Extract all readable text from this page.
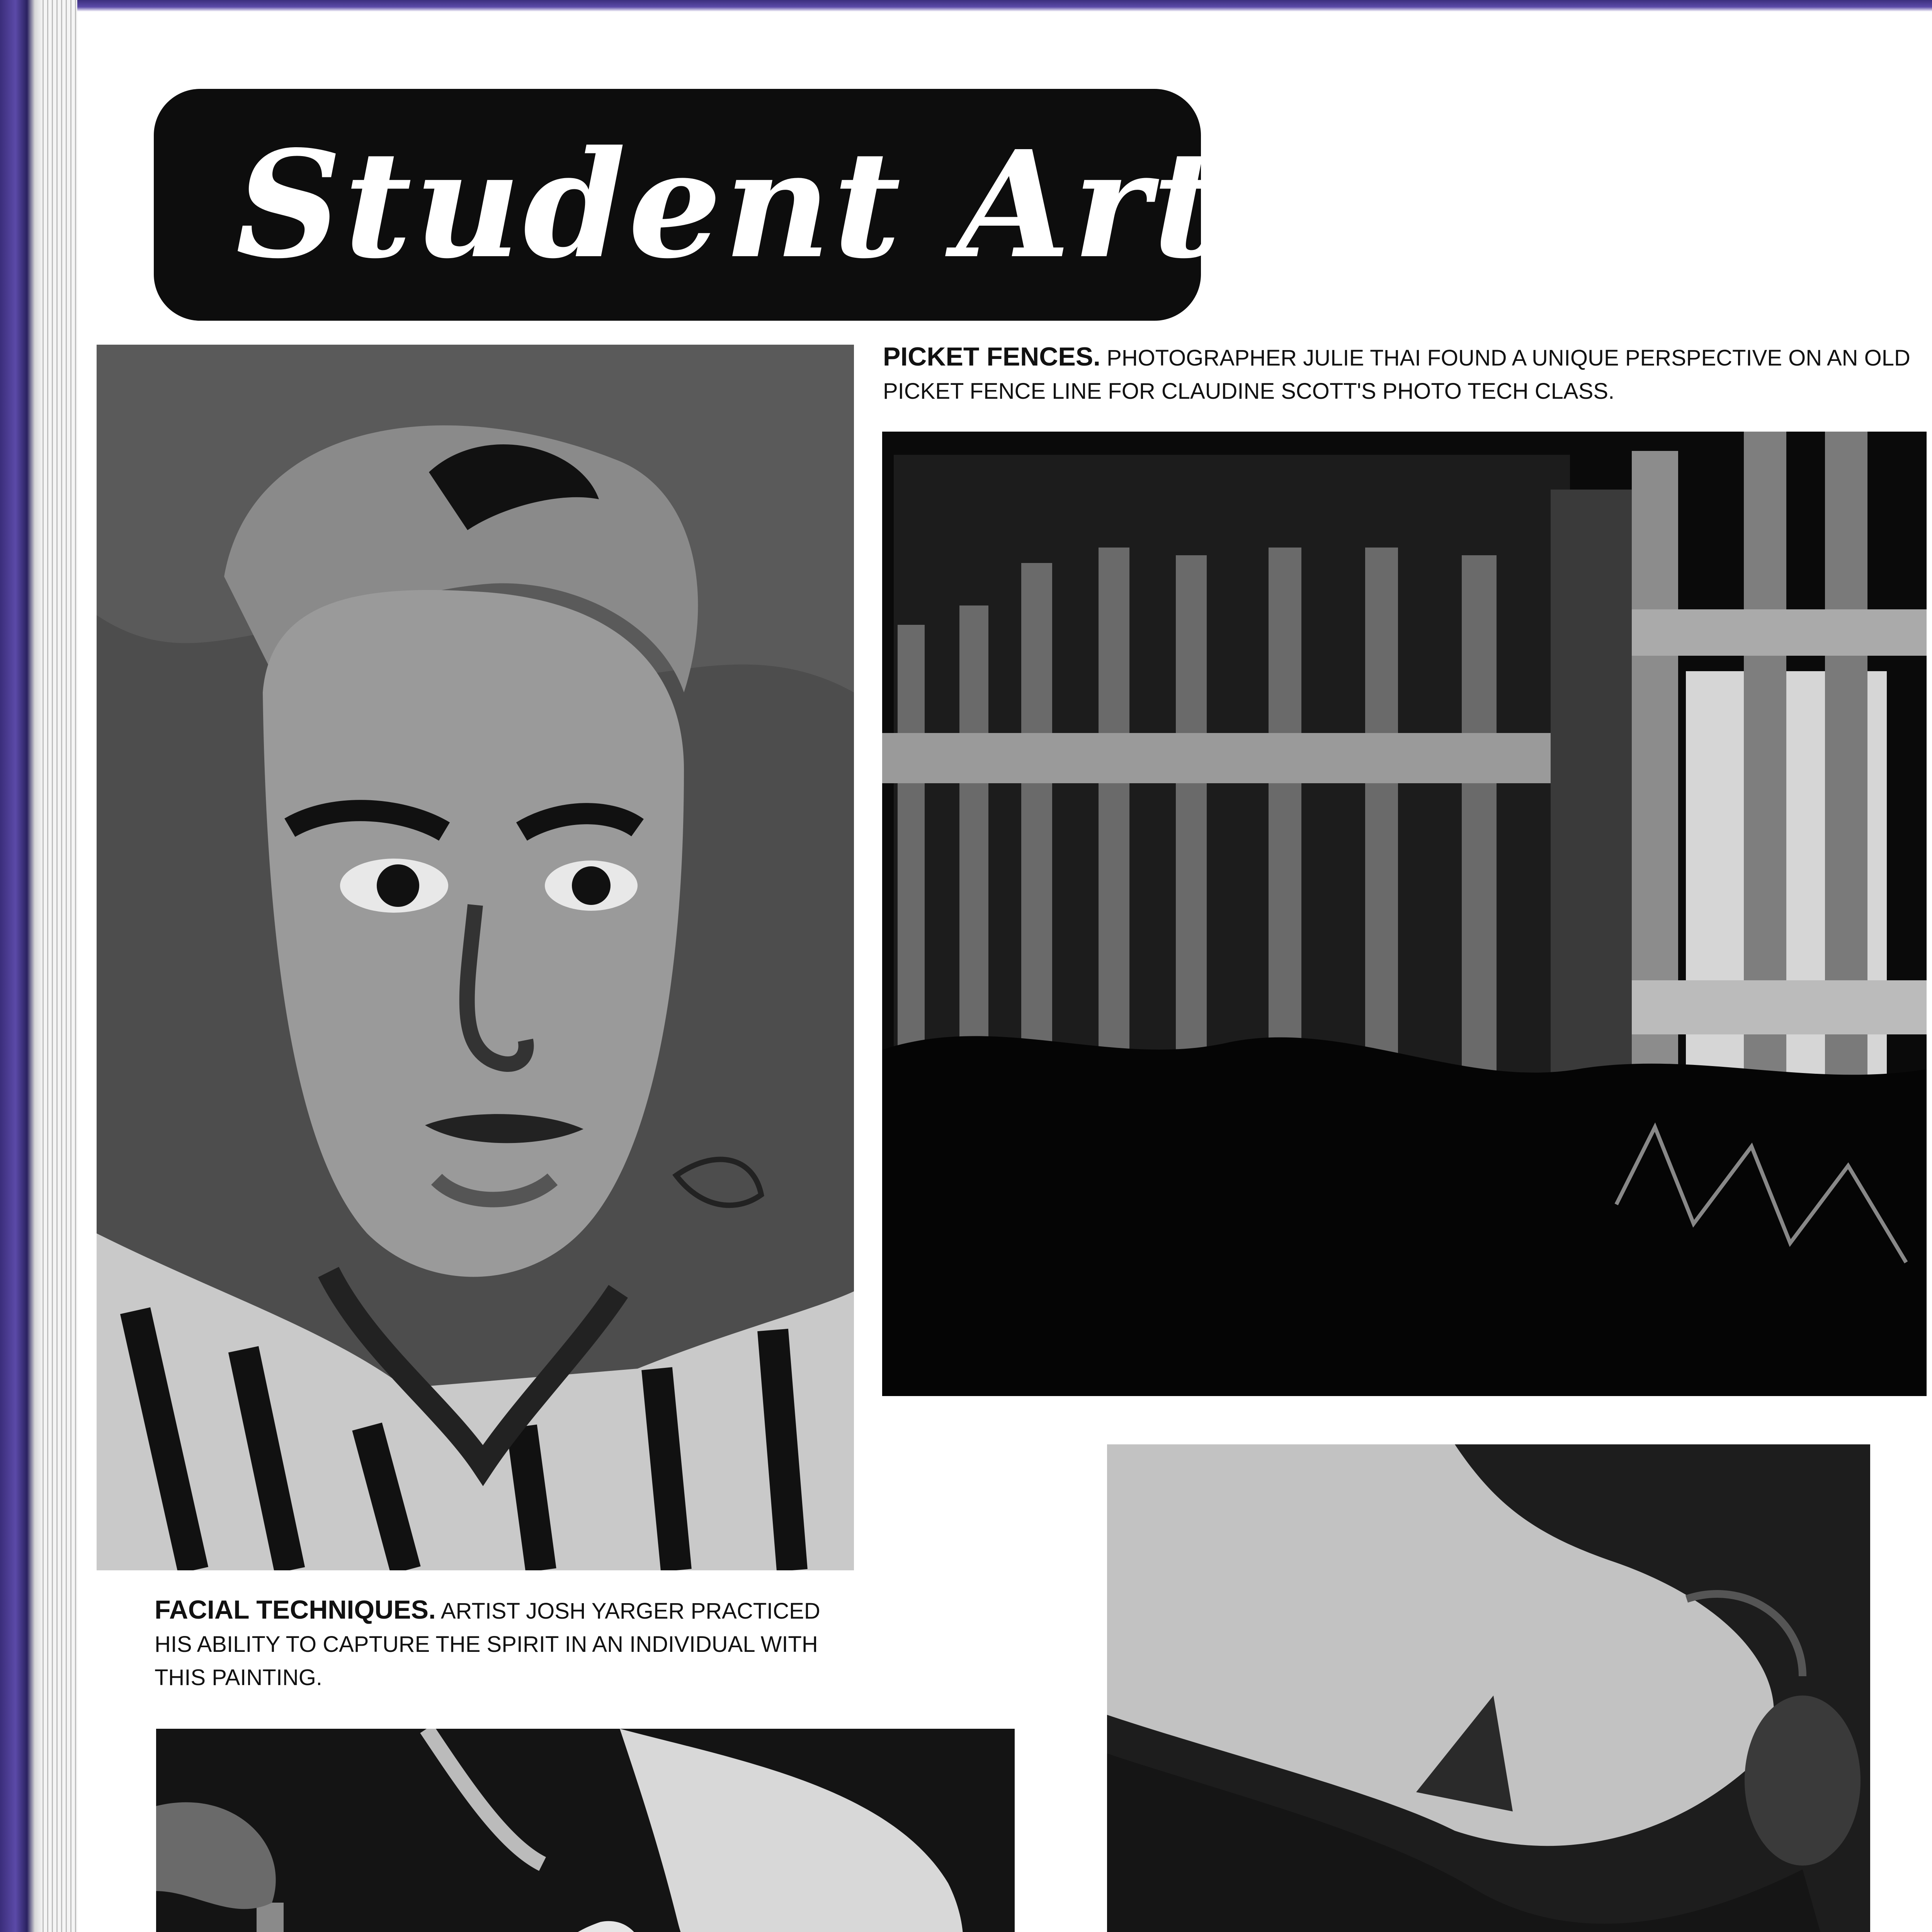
Student Art
PICKET FENCES. PHOTOGRAPHER JULIE THAI FOUND A UNIQUE PERSPECTIVE ON AN OLD PICKET FENCE LINE FOR CLAUDINE SCOTT'S PHOTO TECH CLASS.
FACIAL TECHNIQUES. ARTIST JOSH YARGER PRACTICED HIS ABILITY TO CAPTURE THE SPIRIT IN AN INDIVIDUAL WITH THIS PAINTING.
